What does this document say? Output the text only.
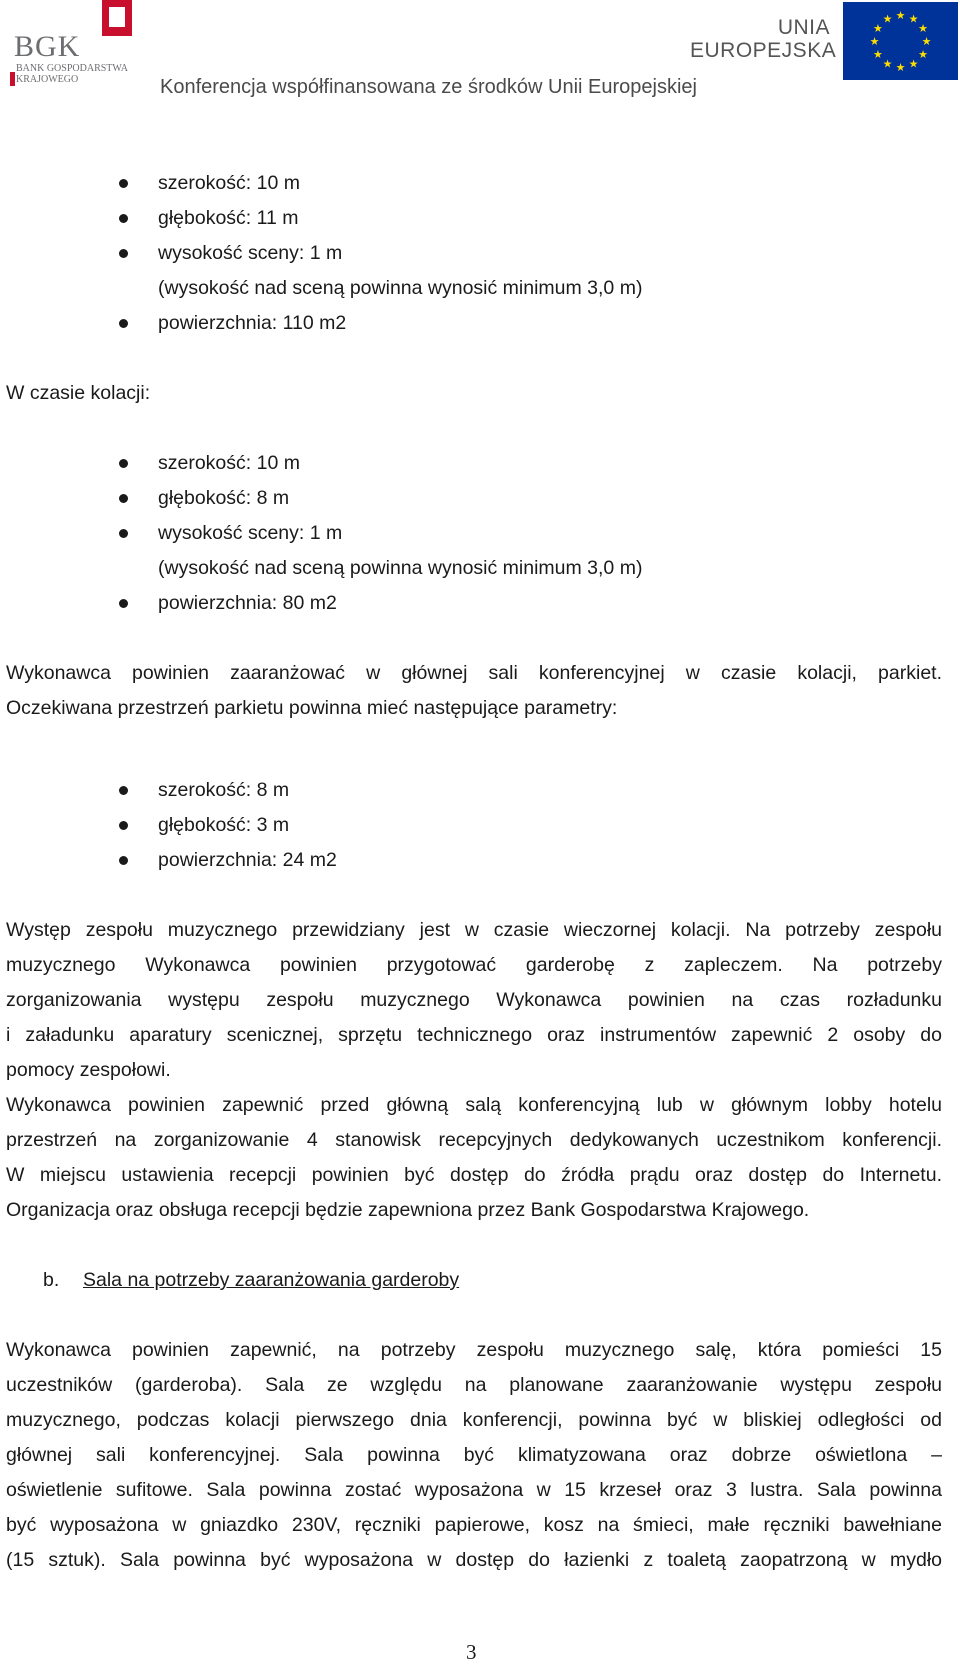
BGK
BANK GOSPODARSTWA
KRAJOWEGO
UNIA
EUROPEJSKA
★ ★
★
★
★
★
★
★
★
★
★
★
Konferencja współfinansowana ze środków Unii Europejskiej
szerokość: 10 m
głębokość: 11 m
wysokość sceny: 1 m
(wysokość nad sceną powinna wynosić minimum 3,0 m)
powierzchnia: 110 m2
W czasie kolacji:
szerokość: 10 m
głębokość: 8 m
wysokość sceny: 1 m
(wysokość nad sceną powinna wynosić minimum 3,0 m)
powierzchnia: 80 m2
Wykonawca powinien zaaranżować w głównej sali konferencyjnej w czasie kolacji, parkiet.
Oczekiwana przestrzeń parkietu powinna mieć następujące parametry:
szerokość: 8 m
głębokość: 3 m
powierzchnia: 24 m2
Występ zespołu muzycznego przewidziany jest w czasie wieczornej kolacji. Na potrzeby zespołu
muzycznego Wykonawca powinien przygotować garderobę z zapleczem. Na potrzeby
zorganizowania występu zespołu muzycznego Wykonawca powinien na czas rozładunku
i załadunku aparatury scenicznej, sprzętu technicznego oraz instrumentów zapewnić 2 osoby do
pomocy zespołowi.
Wykonawca powinien zapewnić przed główną salą konferencyjną lub w głównym lobby hotelu
przestrzeń na zorganizowanie 4 stanowisk recepcyjnych dedykowanych uczestnikom konferencji.
W miejscu ustawienia recepcji powinien być dostęp do źródła prądu oraz dostęp do Internetu.
Organizacja oraz obsługa recepcji będzie zapewniona przez Bank Gospodarstwa Krajowego.
b. Sala na potrzeby zaaranżowania garderoby
Wykonawca powinien zapewnić, na potrzeby zespołu muzycznego salę, która pomieści 15
uczestników (garderoba). Sala ze względu na planowane zaaranżowanie występu zespołu
muzycznego, podczas kolacji pierwszego dnia konferencji, powinna być w bliskiej odległości od
głównej sali konferencyjnej. Sala powinna być klimatyzowana oraz dobrze oświetlona –
oświetlenie sufitowe. Sala powinna zostać wyposażona w 15 krzeseł oraz 3 lustra. Sala powinna
być wyposażona w gniazdko 230V, ręczniki papierowe, kosz na śmieci, małe ręczniki bawełniane
(15 sztuk). Sala powinna być wyposażona w dostęp do łazienki z toaletą zaopatrzoną w mydło
3
